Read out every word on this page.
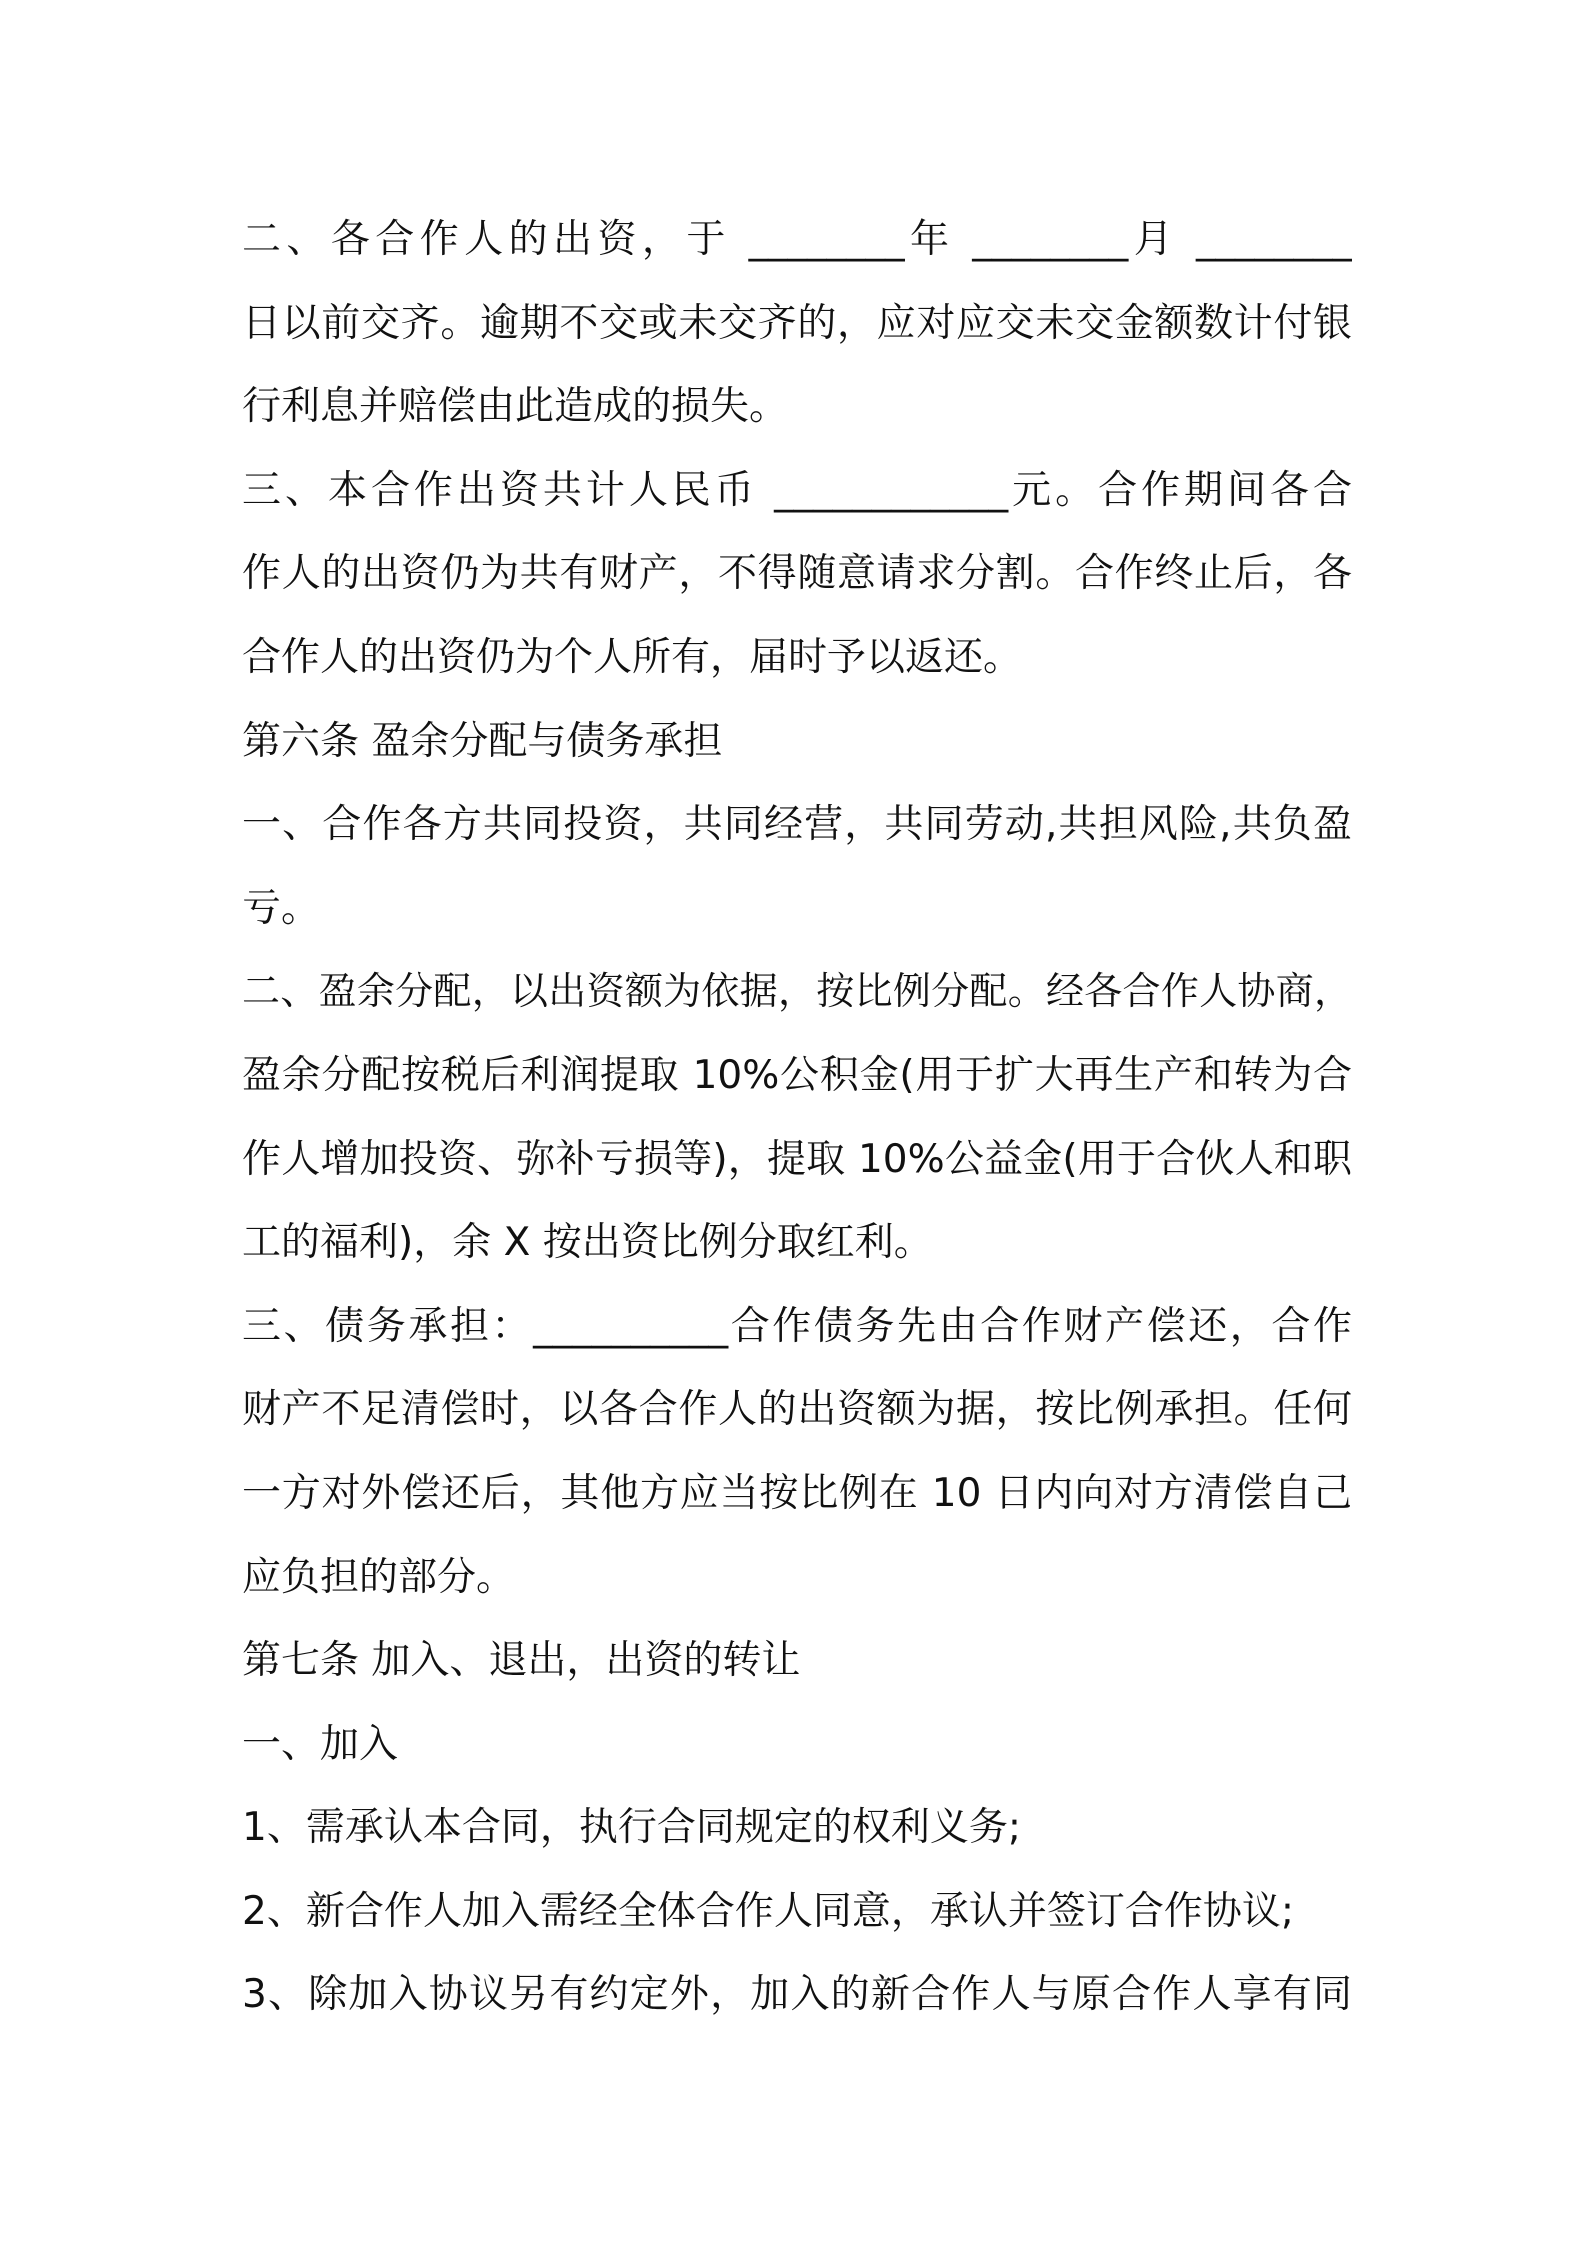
二、各合作人的出资，于 ________年 ________月 ________
日以前交齐。逾期不交或未交齐的，应对应交未交金额数计付银
行利息并赔偿由此造成的损失。
三、本合作出资共计人民币 ____________元。合作期间各合
作人的出资仍为共有财产，不得随意请求分割。合作终止后，各
合作人的出资仍为个人所有，届时予以返还。
第六条 盈余分配与债务承担
一、合作各方共同投资，共同经营，共同劳动,共担风险,共负盈
亏。
二、盈余分配，以出资额为依据，按比例分配。经各合作人协商，
盈余分配按税后利润提取 10%公积金(用于扩大再生产和转为合
作人增加投资、弥补亏损等)，提取 10%公益金(用于合伙人和职
工的福利)，余 X 按出资比例分取红利。
三、债务承担：__________合作债务先由合作财产偿还，合作
财产不足清偿时，以各合作人的出资额为据，按比例承担。任何
一方对外偿还后，其他方应当按比例在 10 日内向对方清偿自己
应负担的部分。
第七条 加入、退出，出资的转让
一、加入
1、需承认本合同，执行合同规定的权利义务;
2、新合作人加入需经全体合作人同意，承认并签订合作协议;
3、除加入协议另有约定外，加入的新合作人与原合作人享有同
